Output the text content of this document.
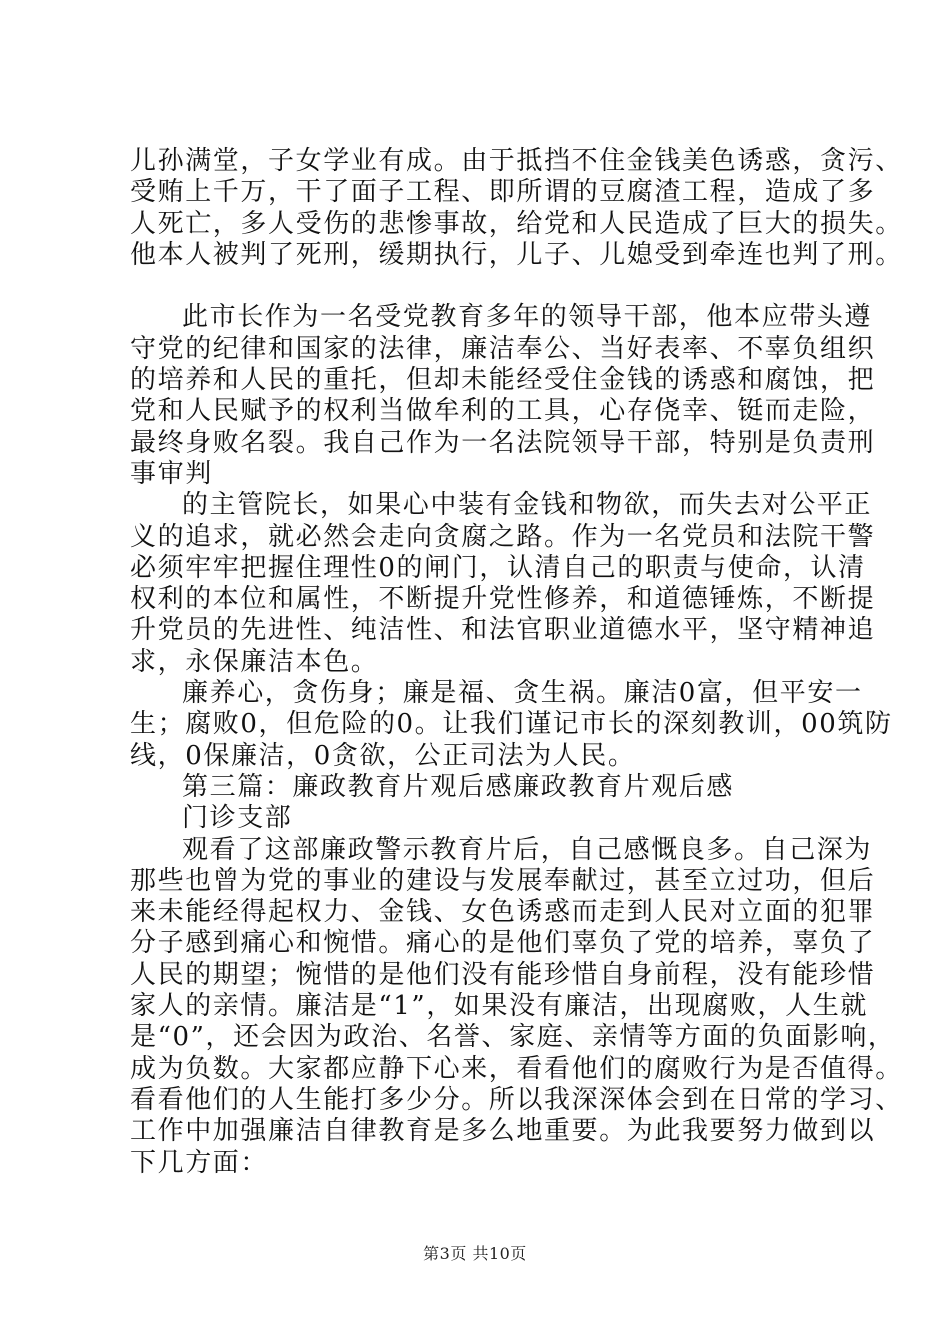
儿孙满堂，子女学业有成。由于抵挡不住金钱美色诱惑，贪污、
受贿上千万，干了面子工程、即所谓的豆腐渣工程，造成了多
人死亡，多人受伤的悲惨事故，给党和人民造成了巨大的损失。
他本人被判了死刑，缓期执行，儿子、儿媳受到牵连也判了刑。
此市长作为一名受党教育多年的领导干部，他本应带头遵
守党的纪律和国家的法律，廉洁奉公、当好表率、不辜负组织
的培养和人民的重托，但却未能经受住金钱的诱惑和腐蚀，把
党和人民赋予的权利当做牟利的工具，心存侥幸、铤而走险，
最终身败名裂。我自己作为一名法院领导干部，特别是负责刑
事审判
的主管院长，如果心中装有金钱和物欲，而失去对公平正
义的追求，就必然会走向贪腐之路。作为一名党员和法院干警
必须牢牢把握住理性0的闸门，认清自己的职责与使命，认清
权利的本位和属性，不断提升党性修养，和道德锤炼，不断提
升党员的先进性、纯洁性、和法官职业道德水平，坚守精神追
求，永保廉洁本色。
廉养心，贪伤身；廉是福、贪生祸。廉洁0富，但平安一
生；腐败0，但危险的0。让我们谨记市长的深刻教训，00筑防
线，0保廉洁，0贪欲，公正司法为人民。
第三篇：廉政教育片观后感廉政教育片观后感
门诊支部
观看了这部廉政警示教育片后，自己感慨良多。自己深为
那些也曾为党的事业的建设与发展奉献过，甚至立过功，但后
来未能经得起权力、金钱、女色诱惑而走到人民对立面的犯罪
分子感到痛心和惋惜。痛心的是他们辜负了党的培养，辜负了
人民的期望；惋惜的是他们没有能珍惜自身前程，没有能珍惜
家人的亲情。廉洁是“1”，如果没有廉洁，出现腐败，人生就
是“0”，还会因为政治、名誉、家庭、亲情等方面的负面影响，
成为负数。大家都应静下心来，看看他们的腐败行为是否值得。
看看他们的人生能打多少分。所以我深深体会到在日常的学习、
工作中加强廉洁自律教育是多么地重要。为此我要努力做到以
下几方面：
第3页 共10页
